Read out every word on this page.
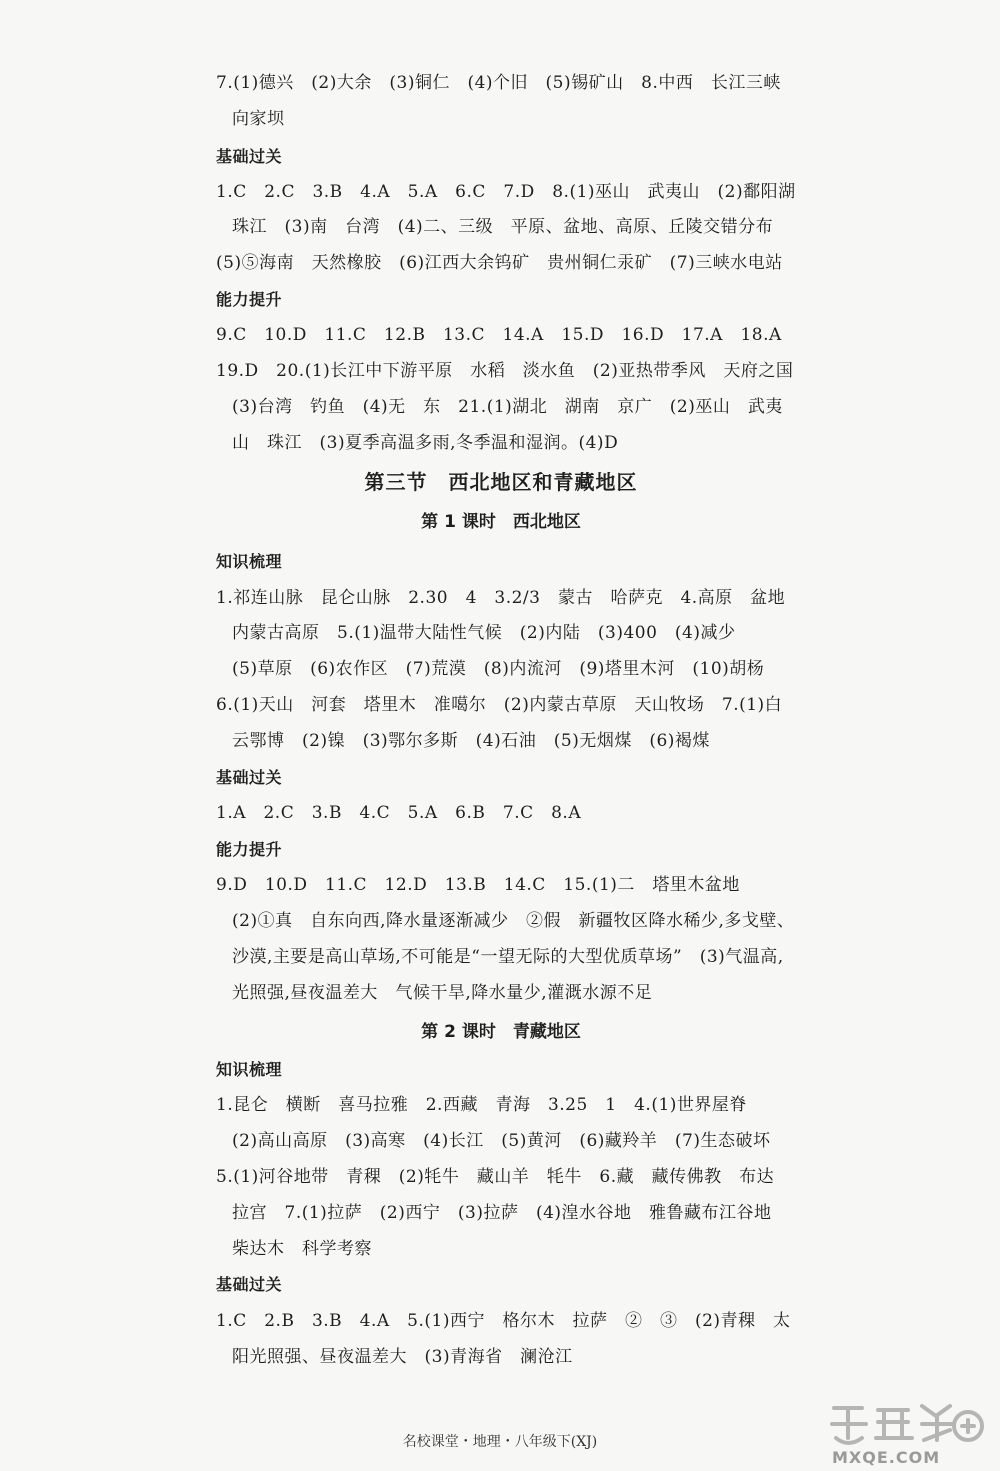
7.(1)德兴　(2)大余　(3)铜仁　(4)个旧　(5)锡矿山　8.中西　长江三峡
向家坝
基础过关
1.C　2.C　3.B　4.A　5.A　6.C　7.D　8.(1)巫山　武夷山　(2)鄱阳湖
珠江　(3)南　台湾　(4)二、三级　平原、盆地、高原、丘陵交错分布
(5)⑤海南　天然橡胶　(6)江西大余钨矿　贵州铜仁汞矿　(7)三峡水电站
能力提升
9.C　10.D　11.C　12.B　13.C　14.A　15.D　16.D　17.A　18.A
19.D　20.(1)长江中下游平原　水稻　淡水鱼　(2)亚热带季风　天府之国
(3)台湾　钓鱼　(4)无　东　21.(1)湖北　湖南　京广　(2)巫山　武夷
山　珠江　(3)夏季高温多雨,冬季温和湿润。(4)D
第三节　西北地区和青藏地区
第 1 课时　西北地区
知识梳理
1.祁连山脉　昆仑山脉　2.30　4　3.2/3　蒙古　哈萨克　4.高原　盆地
内蒙古高原　5.(1)温带大陆性气候　(2)内陆　(3)400　(4)减少
(5)草原　(6)农作区　(7)荒漠　(8)内流河　(9)塔里木河　(10)胡杨
6.(1)天山　河套　塔里木　准噶尔　(2)内蒙古草原　天山牧场　7.(1)白
云鄂博　(2)镍　(3)鄂尔多斯　(4)石油　(5)无烟煤　(6)褐煤
基础过关
1.A　2.C　3.B　4.C　5.A　6.B　7.C　8.A
能力提升
9.D　10.D　11.C　12.D　13.B　14.C　15.(1)二　塔里木盆地
(2)①真　自东向西,降水量逐渐减少　②假　新疆牧区降水稀少,多戈壁、
沙漠,主要是高山草场,不可能是“一望无际的大型优质草场”　(3)气温高,
光照强,昼夜温差大　气候干旱,降水量少,灌溉水源不足
第 2 课时　青藏地区
知识梳理
1.昆仑　横断　喜马拉雅　2.西藏　青海　3.25　1　4.(1)世界屋脊
(2)高山高原　(3)高寒　(4)长江　(5)黄河　(6)藏羚羊　(7)生态破坏
5.(1)河谷地带　青稞　(2)牦牛　藏山羊　牦牛　6.藏　藏传佛教　布达
拉宫　7.(1)拉萨　(2)西宁　(3)拉萨　(4)湟水谷地　雅鲁藏布江谷地
柴达木　科学考察
基础过关
1.C　2.B　3.B　4.A　5.(1)西宁　格尔木　拉萨　②　③　(2)青稞　太
阳光照强、昼夜温差大　(3)青海省　澜沧江
名校课堂・地理・八年级下(XJ)
MXQE.COM
